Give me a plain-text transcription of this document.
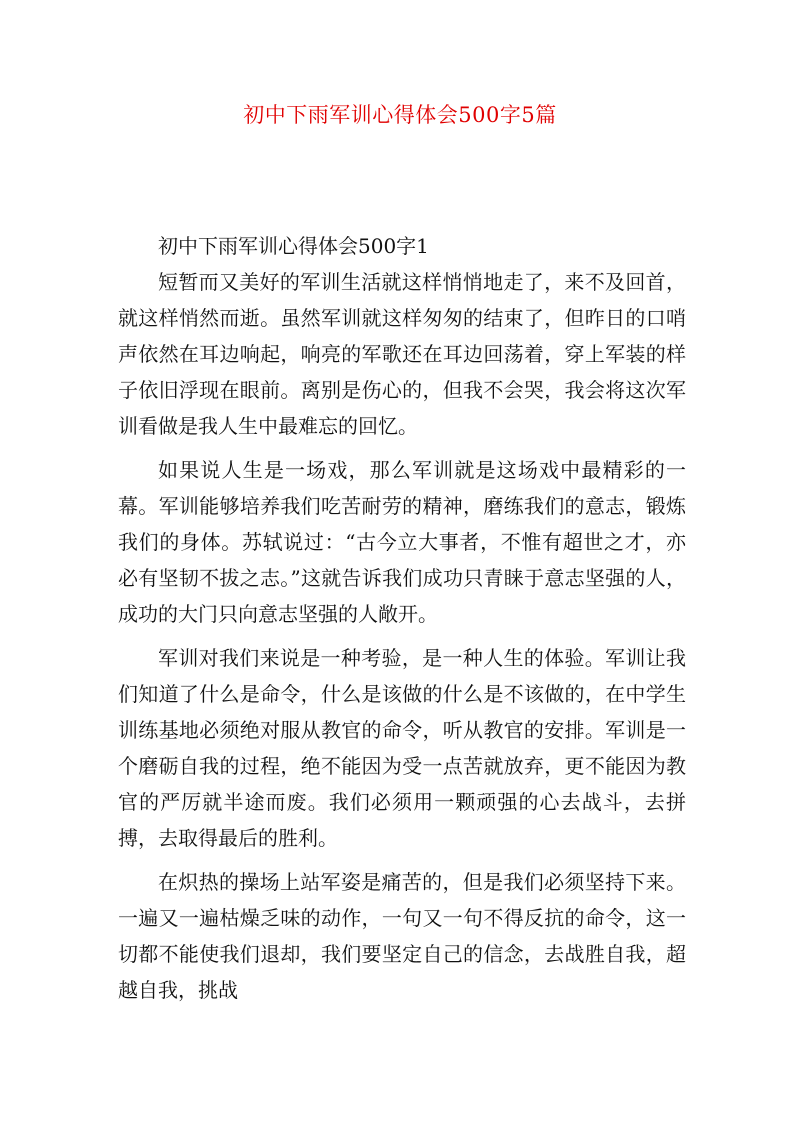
初中下雨军训心得体会500字5篇

初中下雨军训心得体会500字1

短暂而又美好的军训生活就这样悄悄地走了，来不及回首，就这样悄然而逝。虽然军训就这样匆匆的结束了，但昨日的口哨声依然在耳边响起，响亮的军歌还在耳边回荡着，穿上军装的样子依旧浮现在眼前。离别是伤心的，但我不会哭，我会将这次军训看做是我人生中最难忘的回忆。

如果说人生是一场戏，那么军训就是这场戏中最精彩的一幕。军训能够培养我们吃苦耐劳的精神，磨练我们的意志，锻炼我们的身体。苏轼说过：“古今立大事者，不惟有超世之才，亦必有坚韧不拔之志。”这就告诉我们成功只青睐于意志坚强的人，成功的大门只向意志坚强的人敞开。

军训对我们来说是一种考验，是一种人生的体验。军训让我们知道了什么是命令，什么是该做的什么是不该做的，在中学生训练基地必须绝对服从教官的命令，听从教官的安排。军训是一个磨砺自我的过程，绝不能因为受一点苦就放弃，更不能因为教官的严厉就半途而废。我们必须用一颗顽强的心去战斗，去拼搏，去取得最后的胜利。

在炽热的操场上站军姿是痛苦的，但是我们必须坚持下来。一遍又一遍枯燥乏味的动作，一句又一句不得反抗的命令，这一切都不能使我们退却，我们要坚定自己的信念，去战胜自我，超越自我，挑战
